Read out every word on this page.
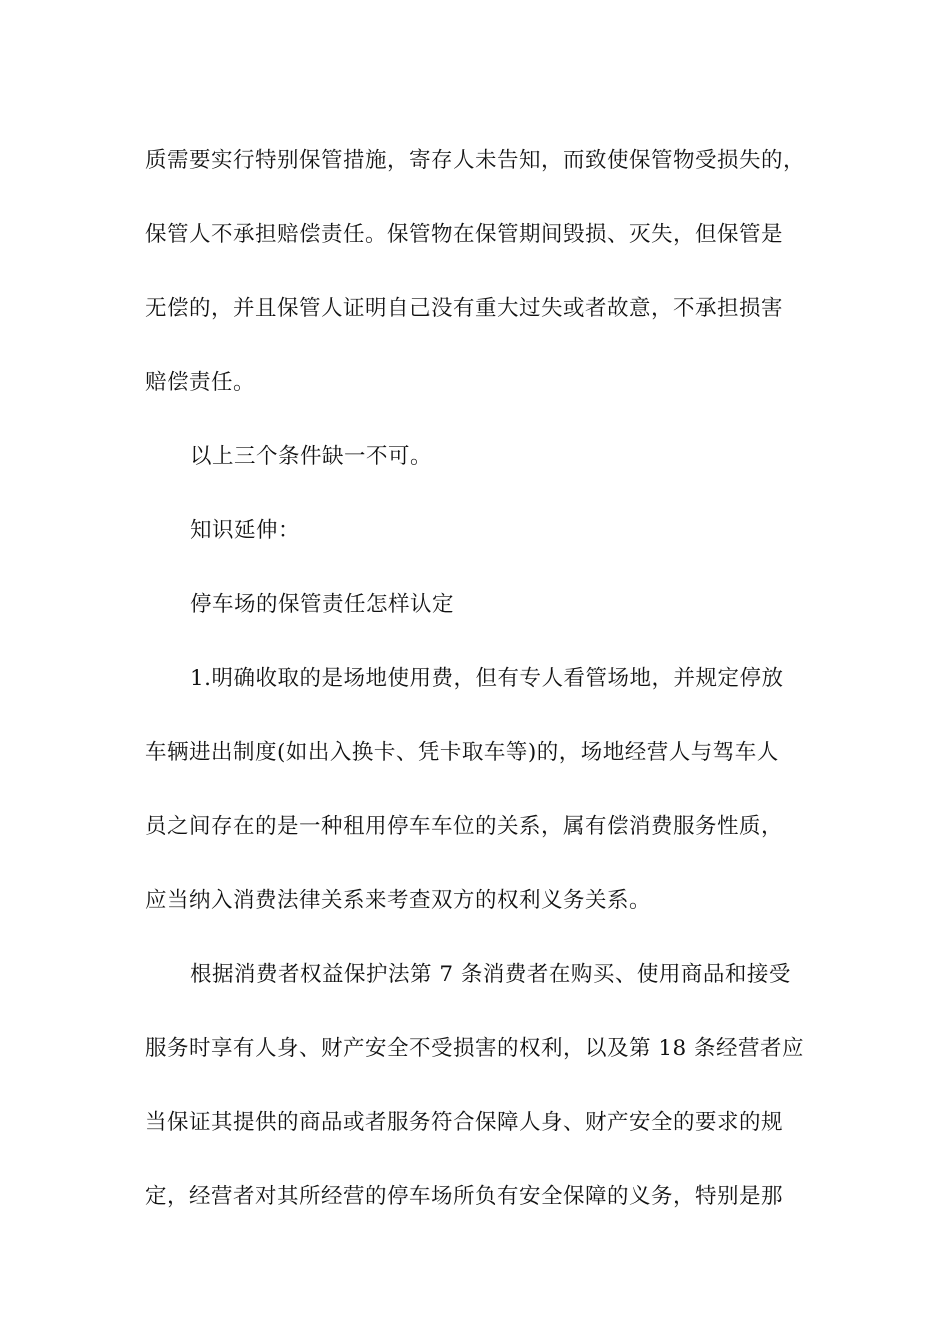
质需要实行特别保管措施，寄存人未告知，而致使保管物受损失的，
保管人不承担赔偿责任。保管物在保管期间毁损、灭失，但保管是
无偿的，并且保管人证明自己没有重大过失或者故意，不承担损害
赔偿责任。
以上三个条件缺一不可。
知识延伸：
停车场的保管责任怎样认定
1.明确收取的是场地使用费，但有专人看管场地，并规定停放
车辆进出制度(如出入换卡、凭卡取车等)的，场地经营人与驾车人
员之间存在的是一种租用停车车位的关系，属有偿消费服务性质，
应当纳入消费法律关系来考查双方的权利义务关系。
根据消费者权益保护法第 7 条消费者在购买、使用商品和接受
服务时享有人身、财产安全不受损害的权利，以及第 18 条经营者应
当保证其提供的商品或者服务符合保障人身、财产安全的要求的规
定，经营者对其所经营的停车场所负有安全保障的义务，特别是那
